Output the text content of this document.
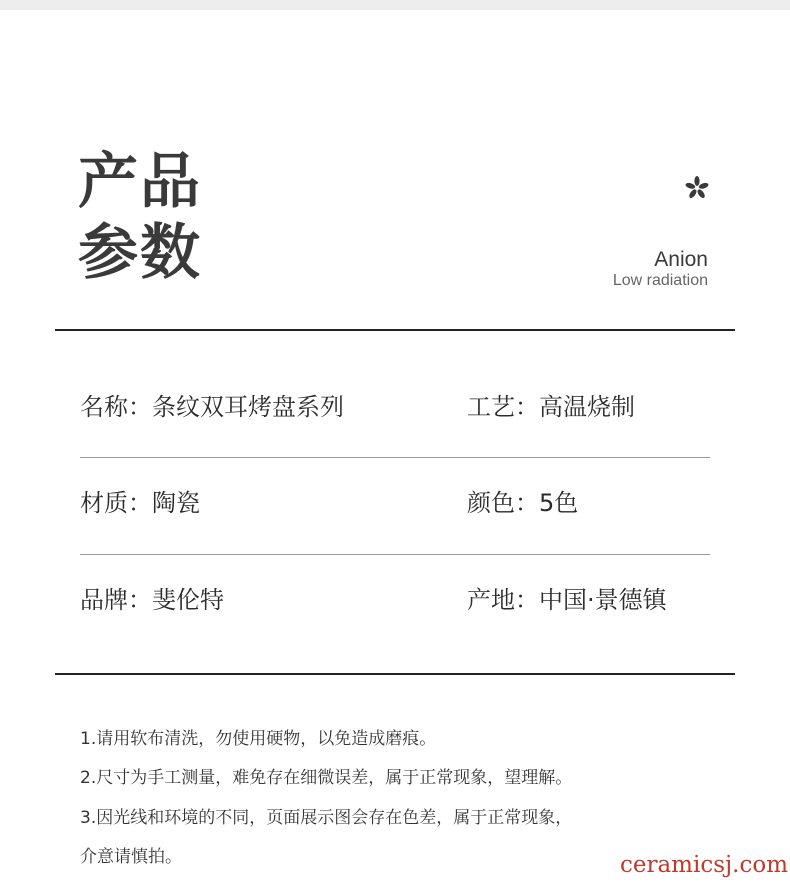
产品
参数	Anion
Low radiation
名称：条纹双耳烤盘系列	工艺：高温烧制
材质：陶瓷	颜色：5色
品牌：斐伦特	产地：中国·景德镇
1.请用软布清洗，勿使用硬物，以免造成磨痕。
2.尺寸为手工测量，难免存在细微误差，属于正常现象，望理解。
3.因光线和环境的不同，页面展示图会存在色差，属于正常现象，
介意请慎拍。	ceramicsj.com
